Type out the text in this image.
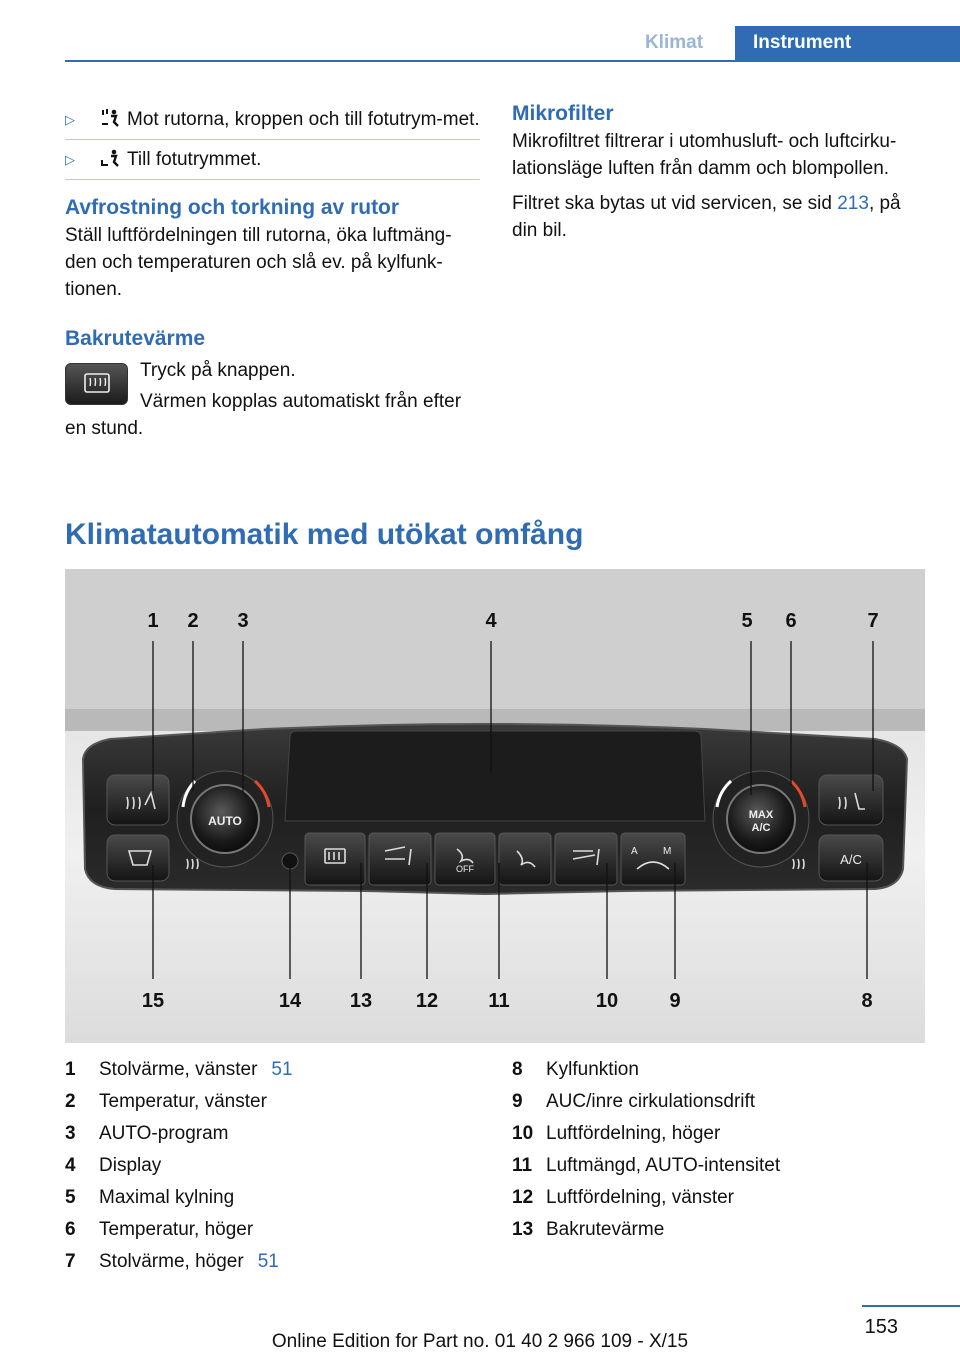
Klimat	Instrument
▷	Mot rutorna, kroppen och till fotutrym‐met.
▷	Till fotutrymmet.
Avfrostning och torkning av rutor

Ställ luftfördelningen till rutorna, öka luftmäng‐den och temperaturen och slå ev. på kylfunk‐tionen.

Bakrutevärme

Tryck på knappen.

Värmen kopplas automatiskt från efter en stund.

Mikrofilter

Mikrofiltret filtrerar i utomhusluft- och luftcirku‐lationsläge luften från damm och blompollen.

Filtret ska bytas ut vid servicen, se sid 213, på din bil.

Klimatautomatik med utökat omfång
AUTO	MAX
A/C
A/C
OFF
A	M
1 2 3	4	5 6	7
15	14 13 12	11	10	9	8
1	Stolvärme, vänster 51
2	Temperatur, vänster
3	AUTO-program
4	Display
5	Maximal kylning
6	Temperatur, höger
7	Stolvärme, höger 51
8	Kylfunktion
9	AUC/inre cirkulationsdrift
10 Luftfördelning, höger
11 Luftmängd, AUTO-intensitet
12 Luftfördelning, vänster
13 Bakrutevärme
153
Online Edition for Part no. 01 40 2 966 109 - X/15
